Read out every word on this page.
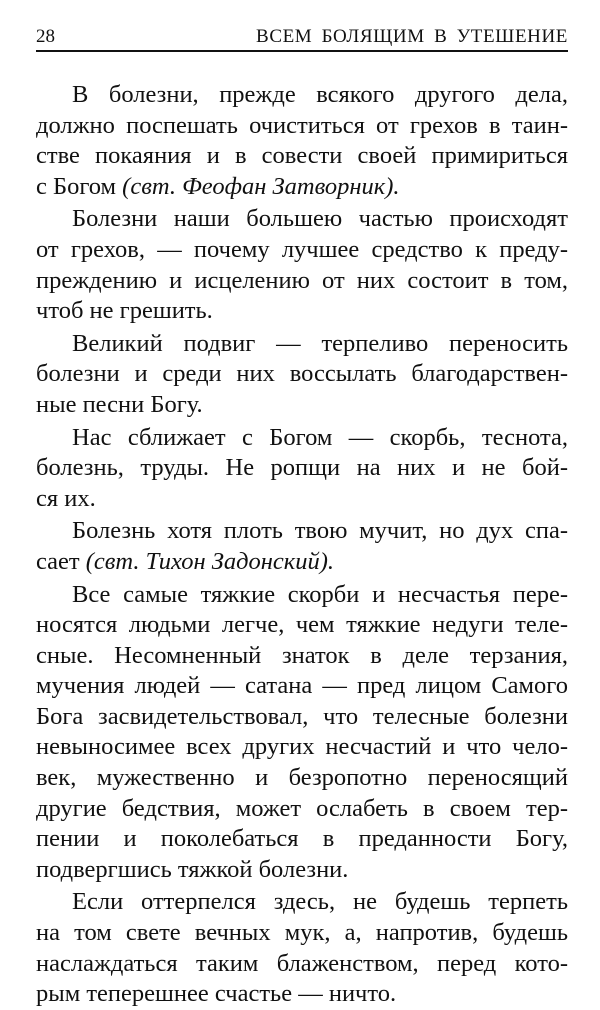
28	ВСЕМ БОЛЯЩИМ В УТЕШЕНИЕ

В болезни, прежде всякого другого дела,
должно поспешать очиститься от грехов в таин-
стве покаяния и в совести своей примириться
с Богом (свт. Феофан Затворник).

Болезни наши большею частью происходят
от грехов, — почему лучшее средство к преду-
преждению и исцелению от них состоит в том,
чтоб не грешить.

Великий подвиг — терпеливо переносить
болезни и среди них воссылать благодарствен-
ные песни Богу.

Нас сближает с Богом — скорбь, теснота,
болезнь, труды. Не ропщи на них и не бой-
ся их.

Болезнь хотя плоть твою мучит, но дух спа-
сает (свт. Тихон Задонский).

Все самые тяжкие скорби и несчастья пере-
носятся людьми легче, чем тяжкие недуги теле-
сные. Несомненный знаток в деле терзания,
мучения людей — сатана — пред лицом Самого
Бога засвидетельствовал, что телесные болезни
невыносимее всех других несчастий и что чело-
век, мужественно и безропотно переносящий
другие бедствия, может ослабеть в своем тер-
пении и поколебаться в преданности Богу,
подвергшись тяжкой болезни.

Если оттерпелся здесь, не будешь терпеть
на том свете вечных мук, а, напротив, будешь
наслаждаться таким блаженством, перед кото-
рым теперешнее счастье — ничто.
